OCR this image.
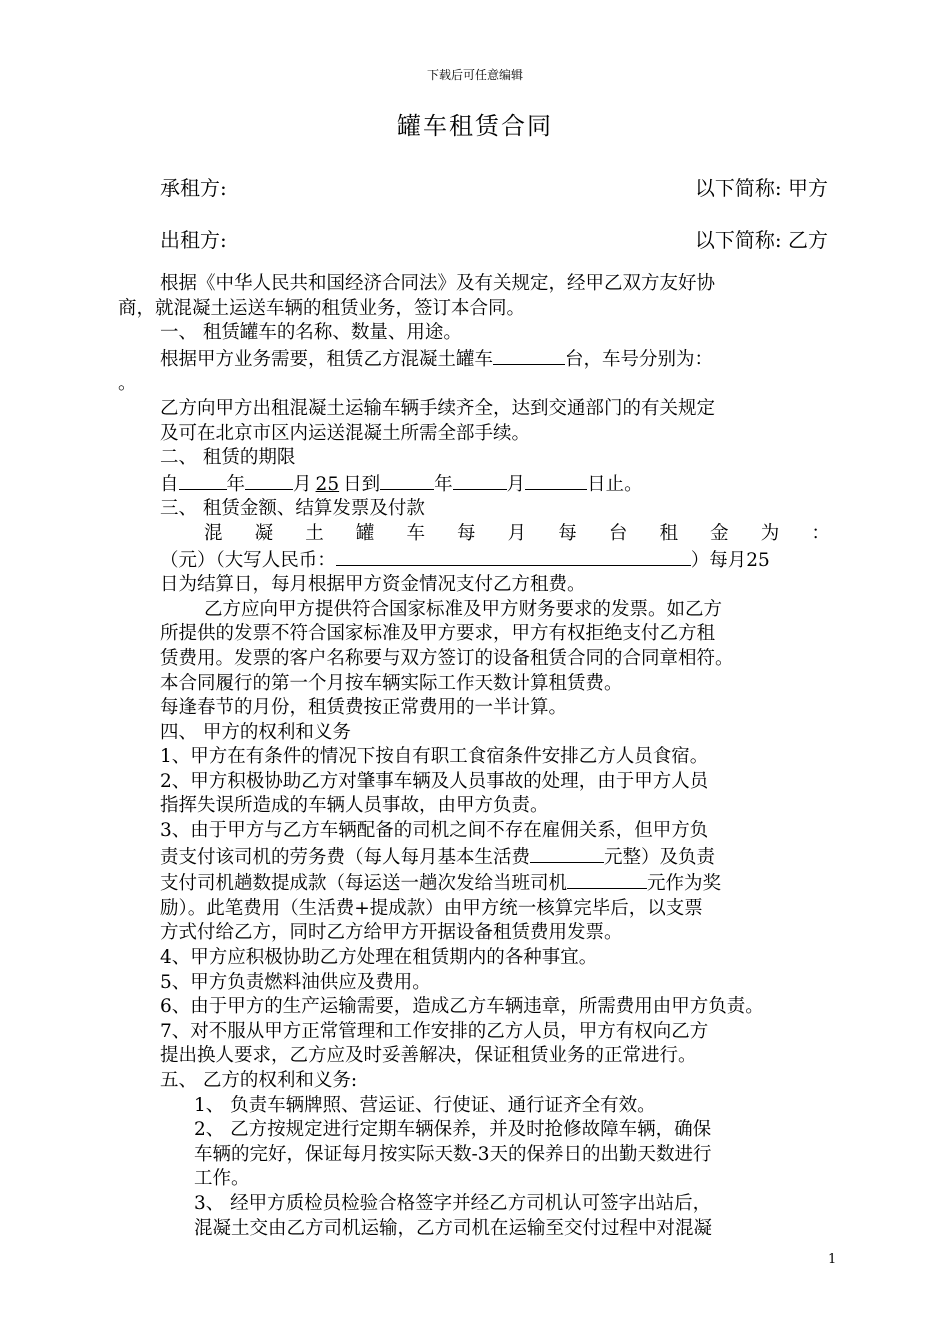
下载后可任意编辑
罐车租赁合同
承租方:	以下简称: 甲方
出租方:	以下简称: 乙方

根据《中华人民共和国经济合同法》及有关规定，经甲乙双方友好协

商，就混凝土运送车辆的租赁业务，签订本合同。

一、 租赁罐车的名称、数量、用途。

根据甲方业务需要，租赁乙方混凝土罐车	台，车号分别为：

。

乙方向甲方出租混凝土运输车辆手续齐全，达到交通部门的有关规定

及可在北京市区内运送混凝土所需全部手续。

二、 租赁的期限

自	年	月 25 日到	年	月	日止。

三、 租赁金额、结算发票及付款

混 凝 土 罐 车 每 月 每 台 租 金 为 ：

（元）（大写人民币：	）每月25

日为结算日，每月根据甲方资金情况支付乙方租费。

乙方应向甲方提供符合国家标准及甲方财务要求的发票。如乙方

所提供的发票不符合国家标准及甲方要求，甲方有权拒绝支付乙方租

赁费用。发票的客户名称要与双方签订的设备租赁合同的合同章相符。

本合同履行的第一个月按车辆实际工作天数计算租赁费。

每逢春节的月份，租赁费按正常费用的一半计算。

四、 甲方的权利和义务

1、甲方在有条件的情况下按自有职工食宿条件安排乙方人员食宿。

2、甲方积极协助乙方对肇事车辆及人员事故的处理，由于甲方人员

指挥失误所造成的车辆人员事故，由甲方负责。

3、由于甲方与乙方车辆配备的司机之间不存在雇佣关系，但甲方负

责支付该司机的劳务费（每人每月基本生活费	元整）及负责

支付司机趟数提成款（每运送一趟次发给当班司机	元作为奖

励）。此笔费用（生活费+提成款）由甲方统一核算完毕后，以支票

方式付给乙方，同时乙方给甲方开据设备租赁费用发票。

4、甲方应积极协助乙方处理在租赁期内的各种事宜。

5、甲方负责燃料油供应及费用。

6、由于甲方的生产运输需要，造成乙方车辆违章，所需费用由甲方负责。

7、对不服从甲方正常管理和工作安排的乙方人员，甲方有权向乙方

提出换人要求，乙方应及时妥善解决，保证租赁业务的正常进行。

五、 乙方的权利和义务:

1、 负责车辆牌照、营运证、行使证、通行证齐全有效。

2、 乙方按规定进行定期车辆保养，并及时抢修故障车辆，确保

车辆的完好，保证每月按实际天数-3天的保养日的出勤天数进行

工作。

3、 经甲方质检员检验合格签字并经乙方司机认可签字出站后，

混凝土交由乙方司机运输，乙方司机在运输至交付过程中对混凝

1
